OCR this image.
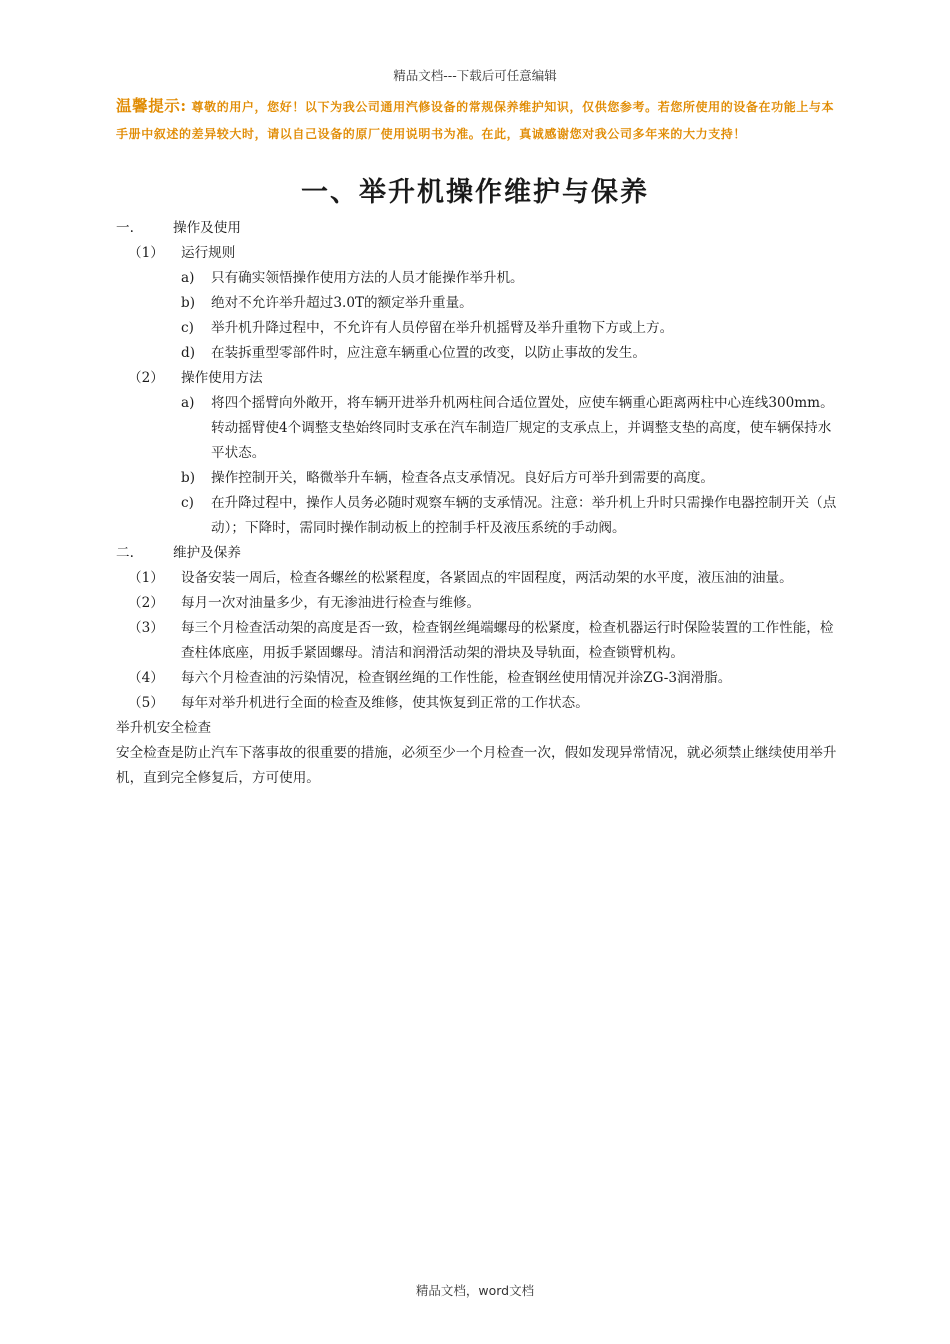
精品文档---下载后可任意编辑
温馨提示: 尊敬的用户，您好！以下为我公司通用汽修设备的常规保养维护知识，仅供您参考。若您所使用的设备在功能上与本手册中叙述的差异较大时，请以自己设备的原厂使用说明书为准。在此，真诚感谢您对我公司多年来的大力支持！
一、举升机操作维护与保养
一.	操作及使用
（1） 运行规则
a) 只有确实领悟操作使用方法的人员才能操作举升机。
b) 绝对不允许举升超过3.0T的额定举升重量。
c) 举升机升降过程中，不允许有人员停留在举升机摇臂及举升重物下方或上方。
d) 在装拆重型零部件时，应注意车辆重心位置的改变，以防止事故的发生。
（2） 操作使用方法
a) 将四个摇臂向外敞开，将车辆开进举升机两柱间合适位置处，应使车辆重心距离两柱中心连线300mm。转动摇臂使4个调整支垫始终同时支承在汽车制造厂规定的支承点上，并调整支垫的高度，使车辆保持水平状态。
b) 操作控制开关，略微举升车辆，检查各点支承情况。良好后方可举升到需要的高度。
c) 在升降过程中，操作人员务必随时观察车辆的支承情况。注意：举升机上升时只需操作电器控制开关（点动）；下降时，需同时操作制动板上的控制手杆及液压系统的手动阀。
二.	维护及保养
（1） 设备安装一周后，检查各螺丝的松紧程度，各紧固点的牢固程度，两活动架的水平度，液压油的油量。
（2） 每月一次对油量多少，有无渗油进行检查与维修。
（3） 每三个月检查活动架的高度是否一致，检查钢丝绳端螺母的松紧度，检查机器运行时保险装置的工作性能，检查柱体底座，用扳手紧固螺母。清洁和润滑活动架的滑块及导轨面，检查锁臂机构。
（4） 每六个月检查油的污染情况，检查钢丝绳的工作性能，检查钢丝使用情况并涂ZG-3润滑脂。
（5） 每年对举升机进行全面的检查及维修，使其恢复到正常的工作状态。
举升机安全检查
安全检查是防止汽车下落事故的很重要的措施，必须至少一个月检查一次，假如发现异常情况，就必须禁止继续使用举升机，直到完全修复后，方可使用。
精品文档，word文档
